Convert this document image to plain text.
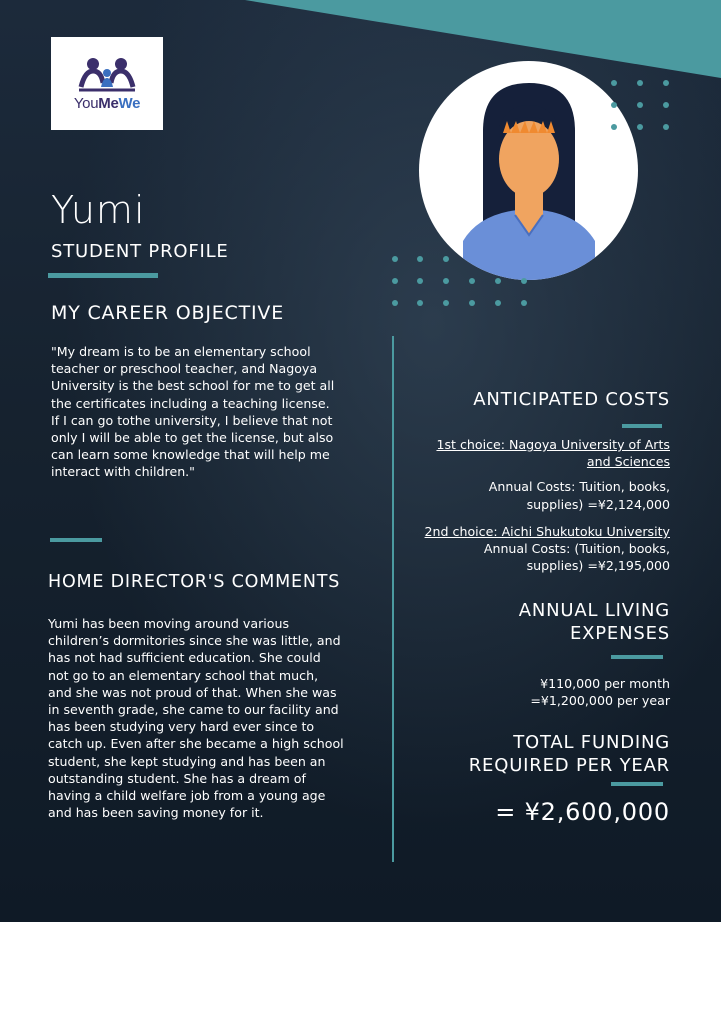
YouMeWe
Yumi
STUDENT PROFILE
MY CAREER OBJECTIVE
"My dream is to be an elementary school teacher or preschool teacher, and Nagoya University is the best school for me to get all the certificates including a teaching license. If I can go tothe university, I believe that not only I will be able to get the license, but also can learn some knowledge that will help me interact with children."
HOME DIRECTOR'S COMMENTS
Yumi has been moving around various children’s dormitories since she was little, and has not had sufficient education. She could not go to an elementary school that much, and she was not proud of that. When she was in seventh grade, she came to our facility and has been studying very hard ever since to catch up. Even after she became a high school student, she kept studying and has been an outstanding student. She has a dream of having a child welfare job from a young age and has been saving money for it.
ANTICIPATED COSTS
1st choice: Nagoya University of Arts
and Sciences
Annual Costs: Tuition, books,
supplies) =¥2,124,000
2nd choice: Aichi Shukutoku University
Annual Costs: (Tuition, books,
supplies) =¥2,195,000
ANNUAL LIVING
EXPENSES
¥110,000 per month
=¥1,200,000 per year
TOTAL FUNDING
REQUIRED PER YEAR
= ¥2,600,000
